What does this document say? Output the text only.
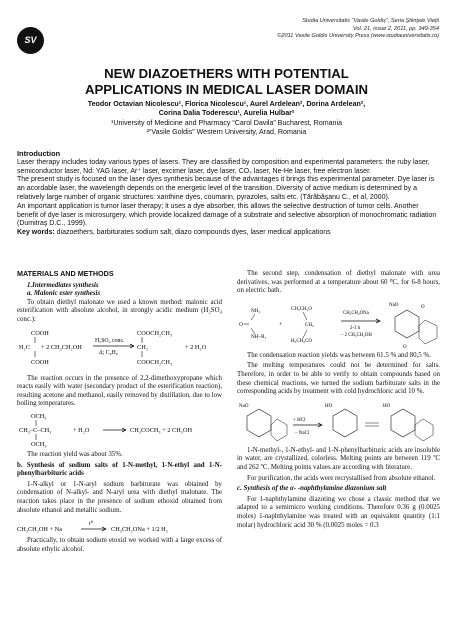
SV
Studia Universitatis “Vasile Goldiş”, Seria Ştiinţele Vieţii
Vol. 21, issue 2, 2011, pp. 349-354
©2011 Vasile Goldis University Press (www.studiauniversitatis.ro)
NEW DIAZOETHERS WITH POTENTIAL
APPLICATIONS IN MEDICAL LASER DOMAIN
Teodor Octavian Nicolescu¹, Florica Nicolescu¹, Aurel Ardelean², Dorina Ardelean²,
Corina Dalia Toderescu¹, Aurelia Hulbar²
¹University of Medicine and Pharmacy “Carol Davila” Bucharest, Romania
²“Vasile Goldis” Western University, Arad, Romania
Introduction

Laser therapy includes today various types of lasers. They are classified by composition and experimental parameters: the ruby laser, semiconductor laser, Nd: YAG laser, Ar⁺ laser, excimer laser, dye laser, CO₂ laser, Ne-He laser, free electron laser.

The present study is focused on the laser dyes synthesis because of the advantages it brings this experimental parameter. Dye laser is an acordable laser, the wavelength depends on the energetic level of the transition. Diversity of active medium is determined by a relatively large number of organic structures: xanthine dyes, coumarin, pyrazoles, salts etc. (Tărăbăşanu C., et al, 2000).

An important application is tumor laser therapy; it uses a dye absorber, this allows the selective destruction of tumor cells. Another benefit of dye laser is microsurgery, which provide localized damage of a substrate and selective absorption of monochromatic radiation (Dumitraş D.C., 1999).

Key words: diazoethers, barbiturates sodium salt, diazo compounds dyes, laser medical applications

MATERIALS AND METHODS
1.Intermediates synthesis
a. Malonic ester synthesis

To obtain diethyl malonate we used a known method: malonic acid esterification with absolute alcohol, in strongly acidic medium (H₂SO₄ conc.):

COOH
H₂C
COOH
+ 2 CH₃CH₂OH
H₂SO₄ conc.
Δ; C₆H₆
COOCH₂CH₃
CH₂
COOCH₂CH₃
+ 2 H₂O

The reaction occurs in the presence of 2,2-dimethoxypropane which reacts easily with water (secondary product of the esterification reaction), resulting acetone and methanol, easily removed by distillation, due to low boiling temperatures.

OCH₃
CH₃–C–CH₃
OCH₃
+ H₂O	CH₃COCH₃ + 2 CH₃OH

The reaction yield was about 35%.

b. Synthesis of sodium salts of 1-N-methyl, 1-N-ethyl and 1-N-phenylbarbituric acids

1-N-alkyl or 1-N-aryl sodium barbiturate was obtained by condensation of N-alkyl- and N-aryl urea with diethyl malonate. The reaction takes place in the presence of sodium ethoxid obtained from absolute ethanol and metallic sodium.

CH₃CH₂OH + Na
t⁰
CH₃CH₂ONa + 1/2 H₂

Practically, to obtain sodium etoxid we worked with a large excess of absolute ethylic alcohol.

The second step, condensation of diethyl malonate with urea derivatives, was performed at a temperature about 60 ⁰C, for 6-8 hours, on electric bath.

O
NH₂
NH–R₁
+
CH₃CH₂O
CH₂
H₃CH₂CO
CH₃CH₂ONa
2-3 h
– 2 CH₃CH₂OH
NaO
O
O

The condensation reaction yields was between 61.5 % and 80,5 %.

The melting temperatures could not be determined for salts. Therefore, in order to be able to verify to obtain compounds based on these chemical reactions, we turned the sodium barbiturate salts in the corresponding acids by treatment with cold hydrochloric acid 10 %.

NaO
+ HCl
– NaCl
HO	HO

1-N-methyl-, 1-N-ethyl- and 1-N-phenylbarbituric acids are insoluble in water, are crystallized, colorless. Melting points are between 119 ºC and 262 ºC. Melting points values are according with literature.

For purification, the acids were recrystallised from absolute ethanol.

c. Synthesis of the α- -naphthylamine diazonium salt

For 1-naphthylamine diazoting we chose a classic method that we adapted to a semimicro working conditions. Therefore 0.36 g (0.0025 moles) 1-naphthylamine was treated with an equivalent quantity (1:1 molar) hydrochloric acid 30 % (0.0025 moles = 0.3
